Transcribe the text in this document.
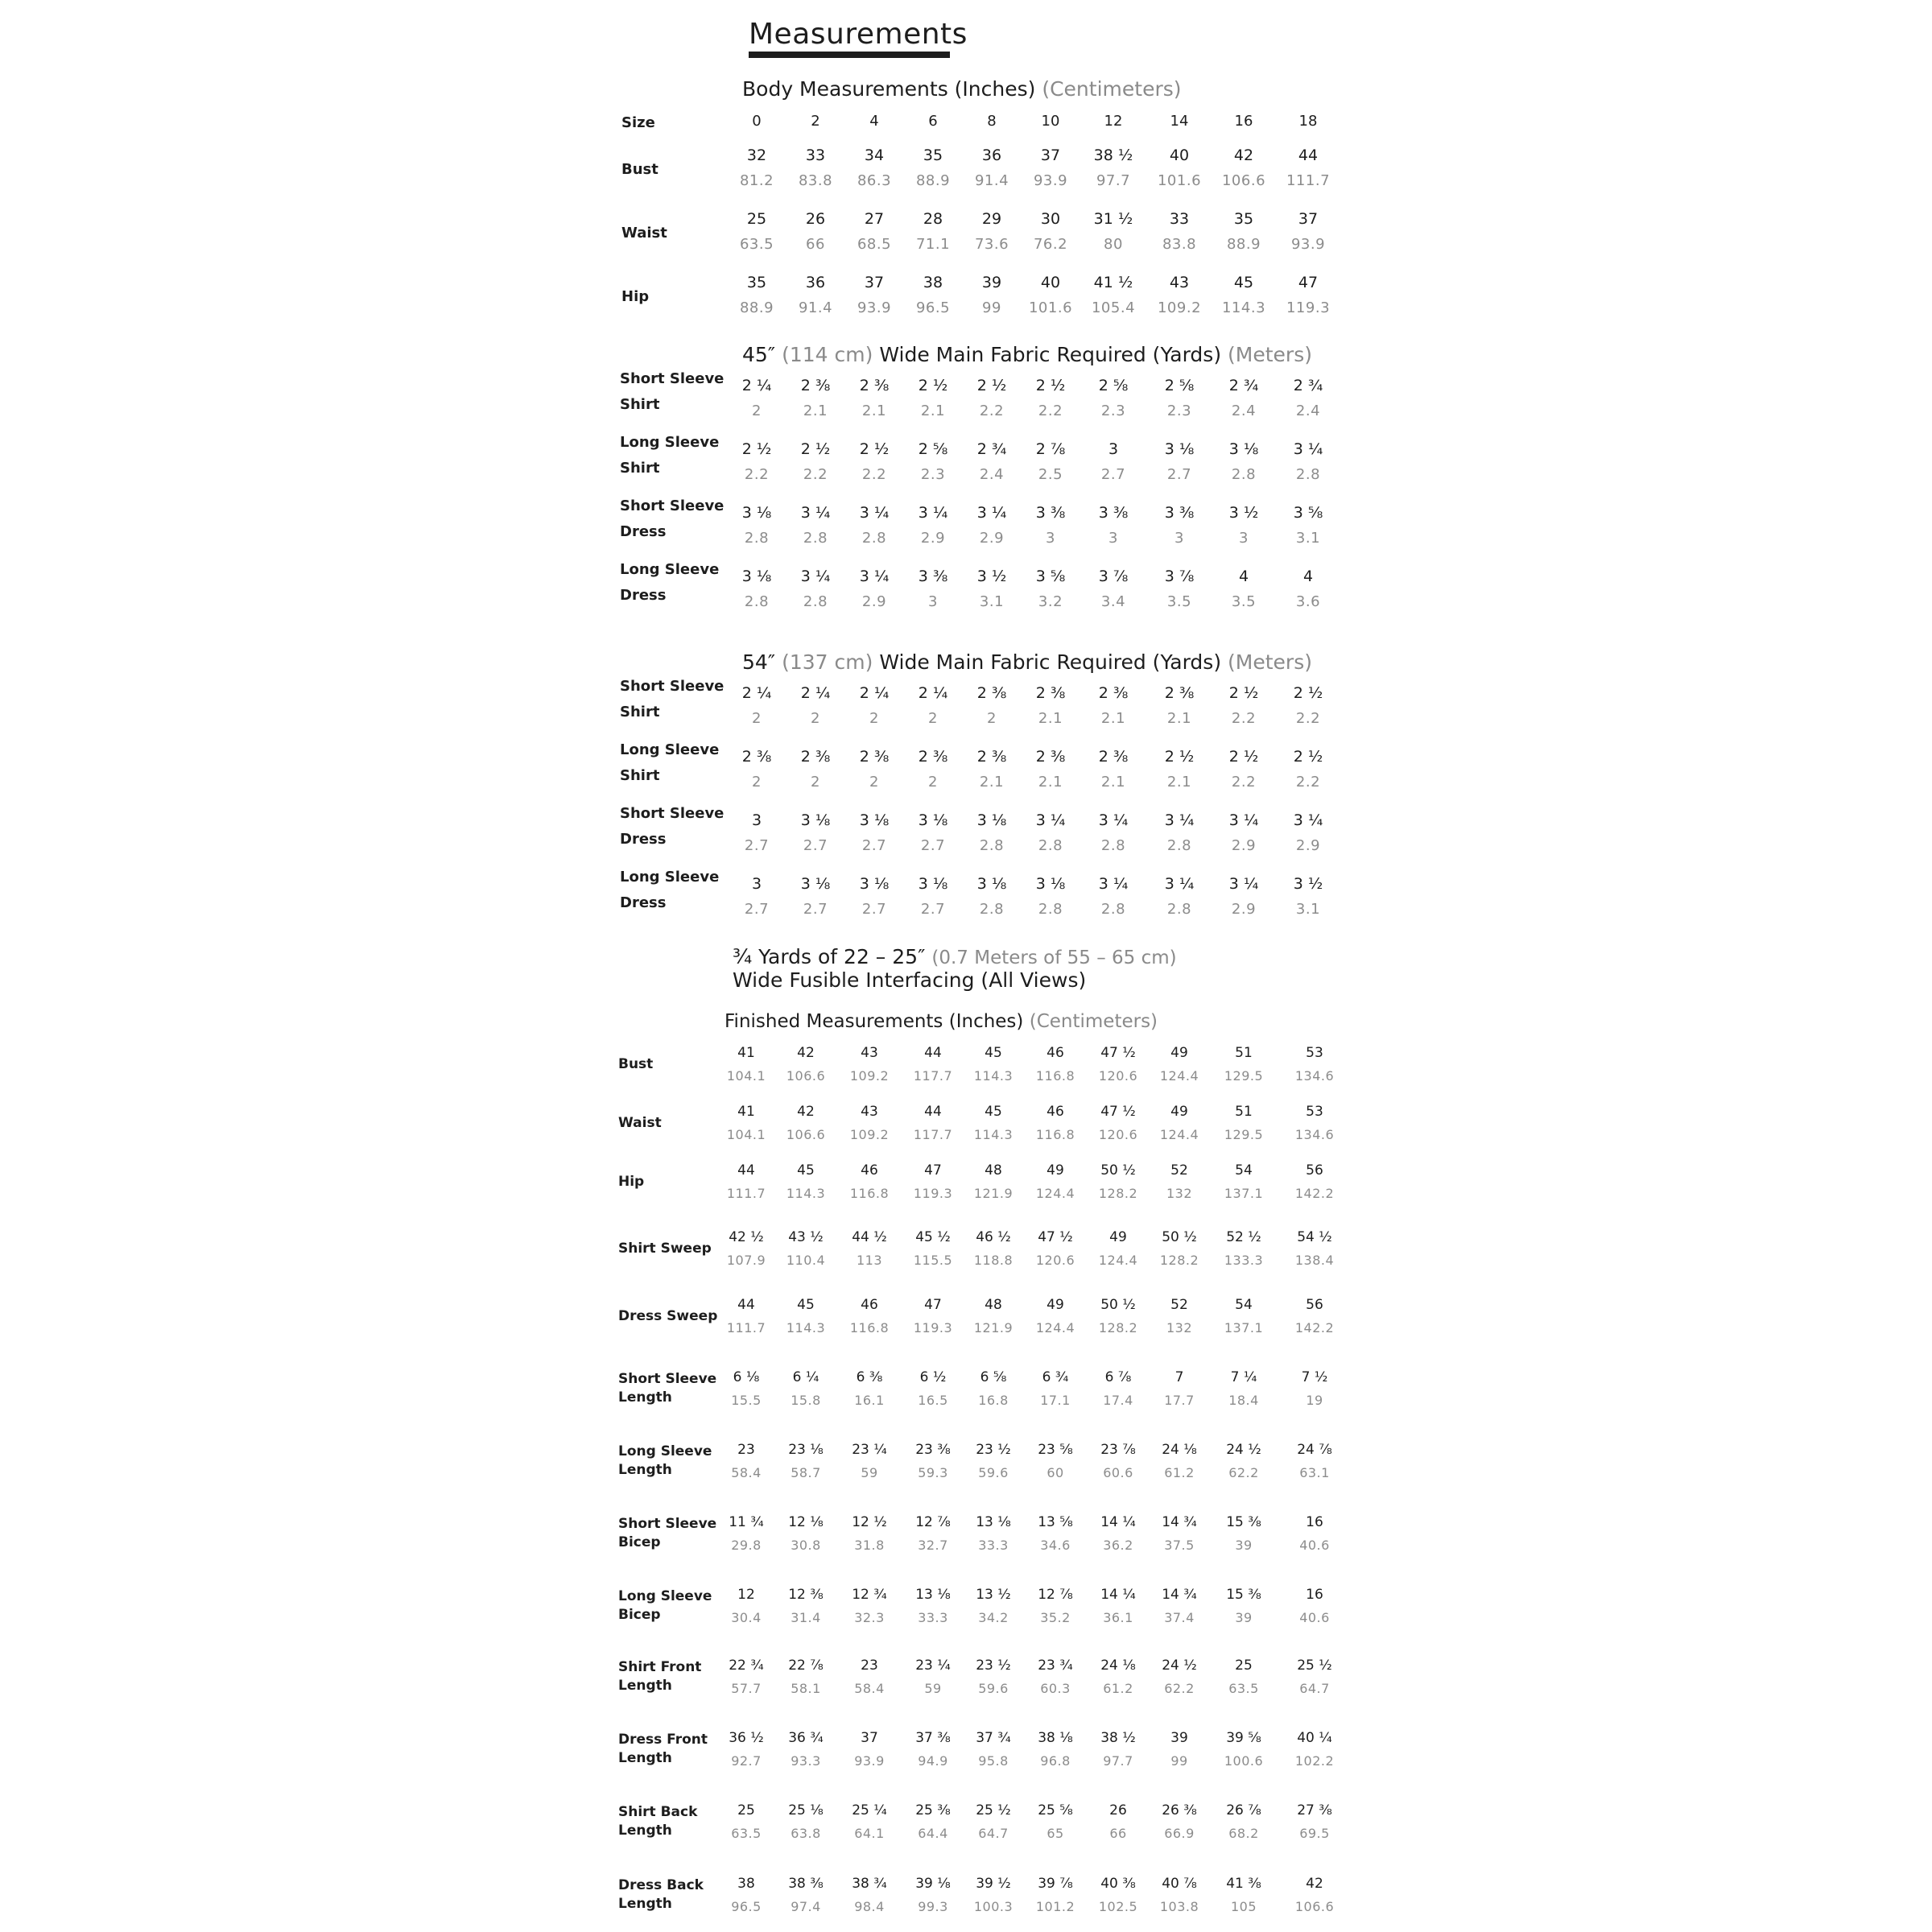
Measurements
Body Measurements (Inches) (Centimeters)
Size	0	2	4	6	8	10	12	14	16	18
Bust
32	33	34	35	36	37	38 ½	40	42	44
81.2	83.8	86.3	88.9	91.4	93.9	97.7	101.6	106.6	111.7
Waist
25	26	27	28	29	30	31 ½	33	35	37
63.5	66	68.5	71.1	73.6	76.2	80	83.8	88.9	93.9
Hip
35	36	37	38	39	40	41 ½	43	45	47
88.9	91.4	93.9	96.5	99	101.6	105.4	109.2	114.3	119.3
45″ (114 cm) Wide Main Fabric Required (Yards) (Meters)
Short Sleeve
Shirt
2 ¼	2 ⅜	2 ⅜	2 ½	2 ½	2 ½	2 ⅝	2 ⅝	2 ¾	2 ¾
2	2.1	2.1	2.1	2.2	2.2	2.3	2.3	2.4	2.4
Long Sleeve
Shirt
2 ½	2 ½	2 ½	2 ⅝	2 ¾	2 ⅞	3	3 ⅛	3 ⅛	3 ¼
2.2	2.2	2.2	2.3	2.4	2.5	2.7	2.7	2.8	2.8
Short Sleeve
Dress
3 ⅛	3 ¼	3 ¼	3 ¼	3 ¼	3 ⅜	3 ⅜	3 ⅜	3 ½	3 ⅝
2.8	2.8	2.8	2.9	2.9	3	3	3	3	3.1
Long Sleeve
Dress
3 ⅛	3 ¼	3 ¼	3 ⅜	3 ½	3 ⅝	3 ⅞	3 ⅞	4	4
2.8	2.8	2.9	3	3.1	3.2	3.4	3.5	3.5	3.6
54″ (137 cm) Wide Main Fabric Required (Yards) (Meters)
Short Sleeve
Shirt
2 ¼	2 ¼	2 ¼	2 ¼	2 ⅜	2 ⅜	2 ⅜	2 ⅜	2 ½	2 ½
2	2	2	2	2	2.1	2.1	2.1	2.2	2.2
Long Sleeve
Shirt
2 ⅜	2 ⅜	2 ⅜	2 ⅜	2 ⅜	2 ⅜	2 ⅜	2 ½	2 ½	2 ½
2	2	2	2	2.1	2.1	2.1	2.1	2.2	2.2
Short Sleeve
Dress
3	3 ⅛	3 ⅛	3 ⅛	3 ⅛	3 ¼	3 ¼	3 ¼	3 ¼	3 ¼
2.7	2.7	2.7	2.7	2.8	2.8	2.8	2.8	2.9	2.9
Long Sleeve
Dress
3	3 ⅛	3 ⅛	3 ⅛	3 ⅛	3 ⅛	3 ¼	3 ¼	3 ¼	3 ½
2.7	2.7	2.7	2.7	2.8	2.8	2.8	2.8	2.9	3.1
¾ Yards of 22 – 25″ (0.7 Meters of 55 – 65 cm)
Wide Fusible Interfacing (All Views)
Finished Measurements (Inches) (Centimeters)
Bust
41	42	43	44	45	46	47 ½	49	51	53
104.1	106.6	109.2	117.7	114.3	116.8	120.6	124.4	129.5	134.6
Waist
41	42	43	44	45	46	47 ½	49	51	53
104.1	106.6	109.2	117.7	114.3	116.8	120.6	124.4	129.5	134.6
Hip
44	45	46	47	48	49	50 ½	52	54	56
111.7	114.3	116.8	119.3	121.9	124.4	128.2	132	137.1	142.2
Shirt Sweep
42 ½	43 ½	44 ½	45 ½	46 ½	47 ½	49	50 ½	52 ½	54 ½
107.9	110.4	113	115.5	118.8	120.6	124.4	128.2	133.3	138.4
Dress Sweep
44	45	46	47	48	49	50 ½	52	54	56
111.7	114.3	116.8	119.3	121.9	124.4	128.2	132	137.1	142.2
Short Sleeve
Length
6 ⅛	6 ¼	6 ⅜	6 ½	6 ⅝	6 ¾	6 ⅞	7	7 ¼	7 ½
15.5	15.8	16.1	16.5	16.8	17.1	17.4	17.7	18.4	19
Long Sleeve
Length
23	23 ⅛	23 ¼	23 ⅜	23 ½	23 ⅝	23 ⅞	24 ⅛	24 ½	24 ⅞
58.4	58.7	59	59.3	59.6	60	60.6	61.2	62.2	63.1
Short Sleeve
Bicep
11 ¾	12 ⅛	12 ½	12 ⅞	13 ⅛	13 ⅝	14 ¼	14 ¾	15 ⅜	16
29.8	30.8	31.8	32.7	33.3	34.6	36.2	37.5	39	40.6
Long Sleeve
Bicep
12	12 ⅜	12 ¾	13 ⅛	13 ½	12 ⅞	14 ¼	14 ¾	15 ⅜	16
30.4	31.4	32.3	33.3	34.2	35.2	36.1	37.4	39	40.6
Shirt Front
Length
22 ¾	22 ⅞	23	23 ¼	23 ½	23 ¾	24 ⅛	24 ½	25	25 ½
57.7	58.1	58.4	59	59.6	60.3	61.2	62.2	63.5	64.7
Dress Front
Length
36 ½	36 ¾	37	37 ⅜	37 ¾	38 ⅛	38 ½	39	39 ⅝	40 ¼
92.7	93.3	93.9	94.9	95.8	96.8	97.7	99	100.6	102.2
Shirt Back
Length
25	25 ⅛	25 ¼	25 ⅜	25 ½	25 ⅝	26	26 ⅜	26 ⅞	27 ⅜
63.5	63.8	64.1	64.4	64.7	65	66	66.9	68.2	69.5
Dress Back
Length
38	38 ⅜	38 ¾	39 ⅛	39 ½	39 ⅞	40 ⅜	40 ⅞	41 ⅜	42
96.5	97.4	98.4	99.3	100.3	101.2	102.5	103.8	105	106.6
